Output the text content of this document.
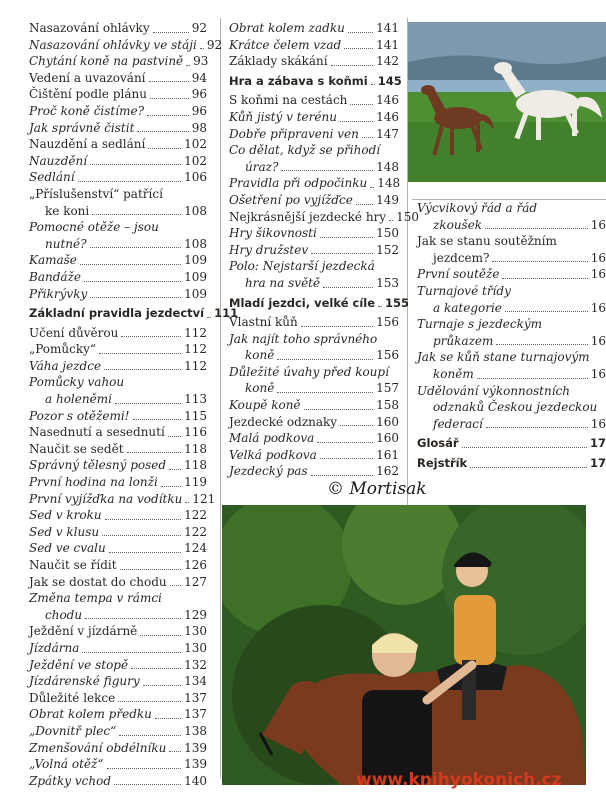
Nasazování ohlávky	92
Nasazování ohlávky ve stáji 92
Chytání koně na pastvině 93
Vedení a uvazování	94
Čištění podle plánu	96
Proč koně čistíme?	96
Jak správně čistit	98
Nauzdění a sedlání	102
Nauzdění	102
Sedlání	106
„Příslušenství“ patřící
ke koni	108
Pomocné otěže – jsou
nutné?	108
Kamaše	109
Bandáže	109
Přikrývky	109
Základní pravidla jezdectví 111
Učení důvěrou	112
„Pomůcky“	112
Váha jezdce	112
Pomůcky vahou
a holeněmi	113
Pozor s otěžemi!	115
Nasednutí a sesednutí 116
Naučit se sedět	118
Správný tělesný posed 118
První hodina na lonži 119
První vyjížďka na vodítku 121
Sed v kroku	122
Sed v klusu	122
Sed ve cvalu	124
Naučit se řídit	126
Jak se dostat do chodu 127
Změna tempa v rámci
chodu	129
Ježdění v jízdárně	130
Jízdárna	130
Ježdění ve stopě	132
Jízdárenské figury	134
Důležité lekce	137
Obrat kolem předku	137
„Dovnitř plec“	138
Zmenšování obdélníku 139
„Volná otěž“	139
Zpátky vchod	140
Obrat kolem zadku	141
Krátce čelem vzad	141
Základy skákání	142
Hra a zábava s koňmi 145
S koňmi na cestách 146
Kůň jistý v terénu	146
Dobře připraveni ven 147
Co dělat, když se přihodí
úraz?	148
Pravidla při odpočinku 148
Ošetření po vyjížďce 149
Nejkrásnější jezdecké hry 150
Hry šikovnosti	150
Hry družstev	152
Polo: Nejstarší jezdecká
hra na světě	153
Mladí jezdci, velké cíle 155
Vlastní kůň	156
Jak najít toho správného
koně	156
Důležité úvahy před koupí
koně	157
Koupě koně	158
Jezdecké odznaky	160
Malá podkova	160
Velká podkova	161
Jezdecký pas	162
Výcvikový řád a řád
zkoušek	16
Jak se stanu soutěžním
jezdcem?	16
První soutěže	16
Turnajové třídy
a kategorie	16
Turnaje s jezdeckým
průkazem	16
Jak se kůň stane turnajovým
koněm	16
Udělování výkonnostních
odznaků Českou jezdeckou
federací	16
Glosář	17
Rejstřík	17
© Mortisak
www.knihyokonich.cz
